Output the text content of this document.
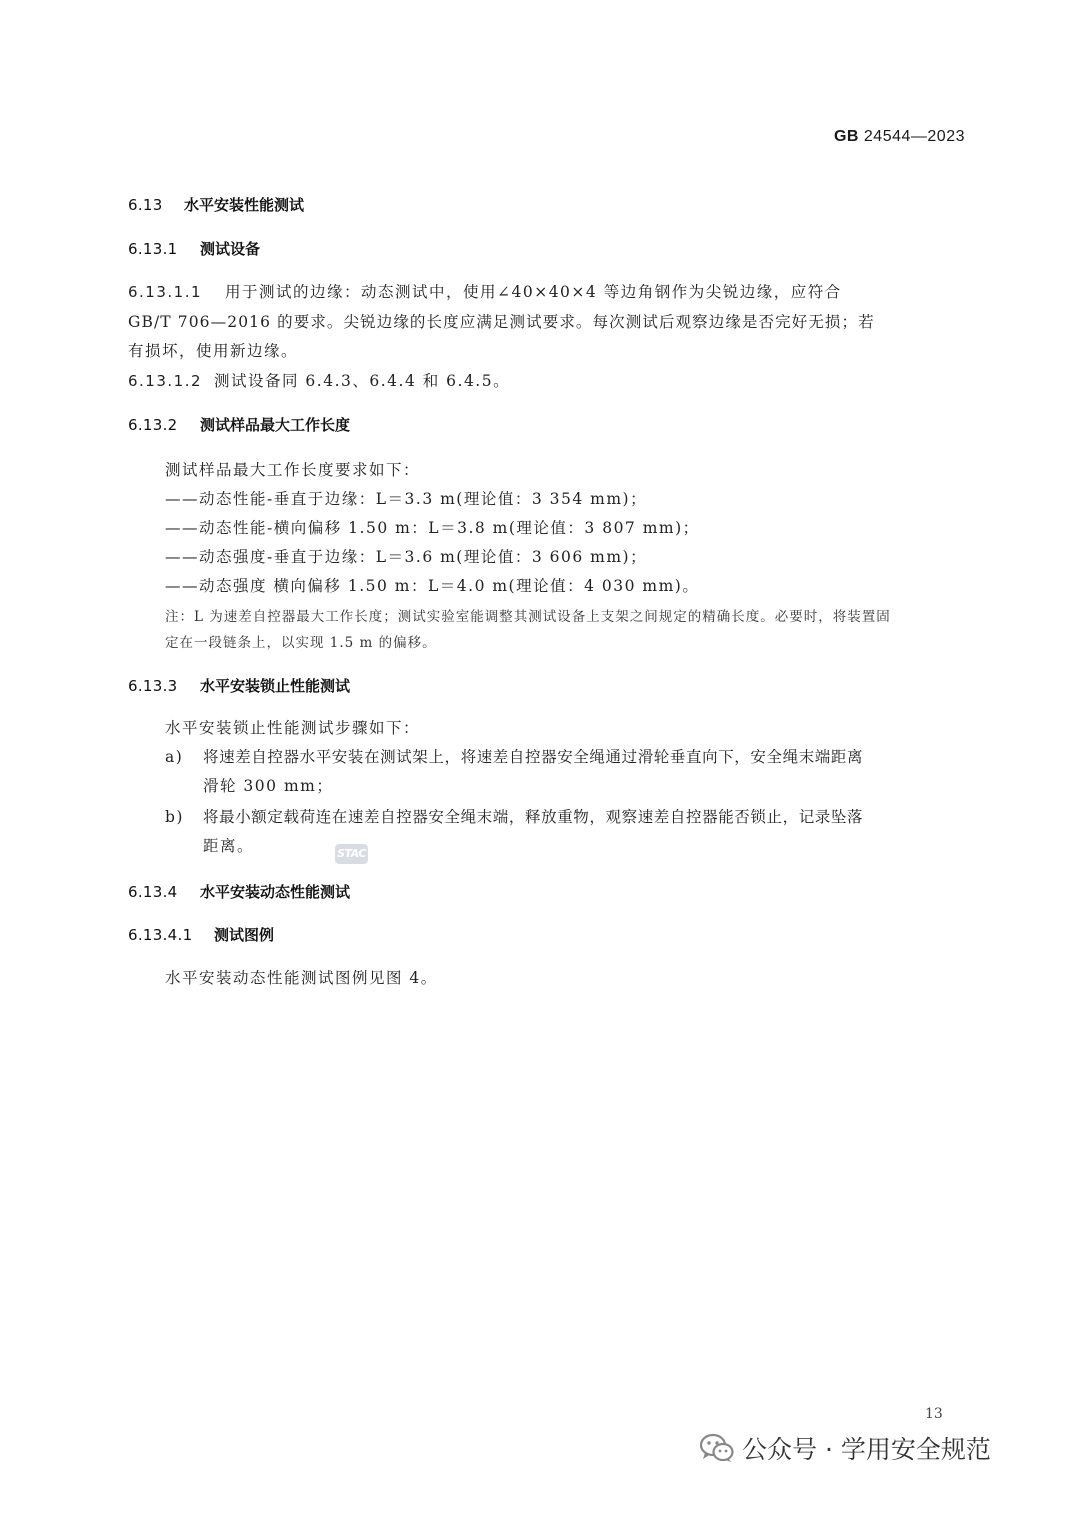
GB 24544—2023
6.13 水平安装性能测试
6.13.1 测试设备
6.13.1.1 用于测试的边缘：动态测试中，使用∠40×40×4 等边角钢作为尖锐边缘，应符合
GB/T 706—2016 的要求。尖锐边缘的长度应满足测试要求。每次测试后观察边缘是否完好无损；若
有损坏，使用新边缘。
6.13.1.2 测试设备同 6.4.3、6.4.4 和 6.4.5。
6.13.2 测试样品最大工作长度
测试样品最大工作长度要求如下：
——动态性能-垂直于边缘：L＝3.3 m(理论值：3 354 mm)；
——动态性能-横向偏移 1.50 m：L＝3.8 m(理论值：3 807 mm)；
——动态强度-垂直于边缘：L＝3.6 m(理论值：3 606 mm)；
——动态强度 横向偏移 1.50 m：L＝4.0 m(理论值：4 030 mm)。
注：L 为速差自控器最大工作长度；测试实验室能调整其测试设备上支架之间规定的精确长度。必要时，将装置固
定在一段链条上，以实现 1.5 m 的偏移。
6.13.3 水平安装锁止性能测试
水平安装锁止性能测试步骤如下：
a) 将速差自控器水平安装在测试架上，将速差自控器安全绳通过滑轮垂直向下，安全绳末端距离
滑轮 300 mm；
b) 将最小额定载荷连在速差自控器安全绳末端，释放重物，观察速差自控器能否锁止，记录坠落
距离。	STAC
6.13.4 水平安装动态性能测试
6.13.4.1 测试图例
水平安装动态性能测试图例见图 4。
13
公众号 · 学用安全规范
